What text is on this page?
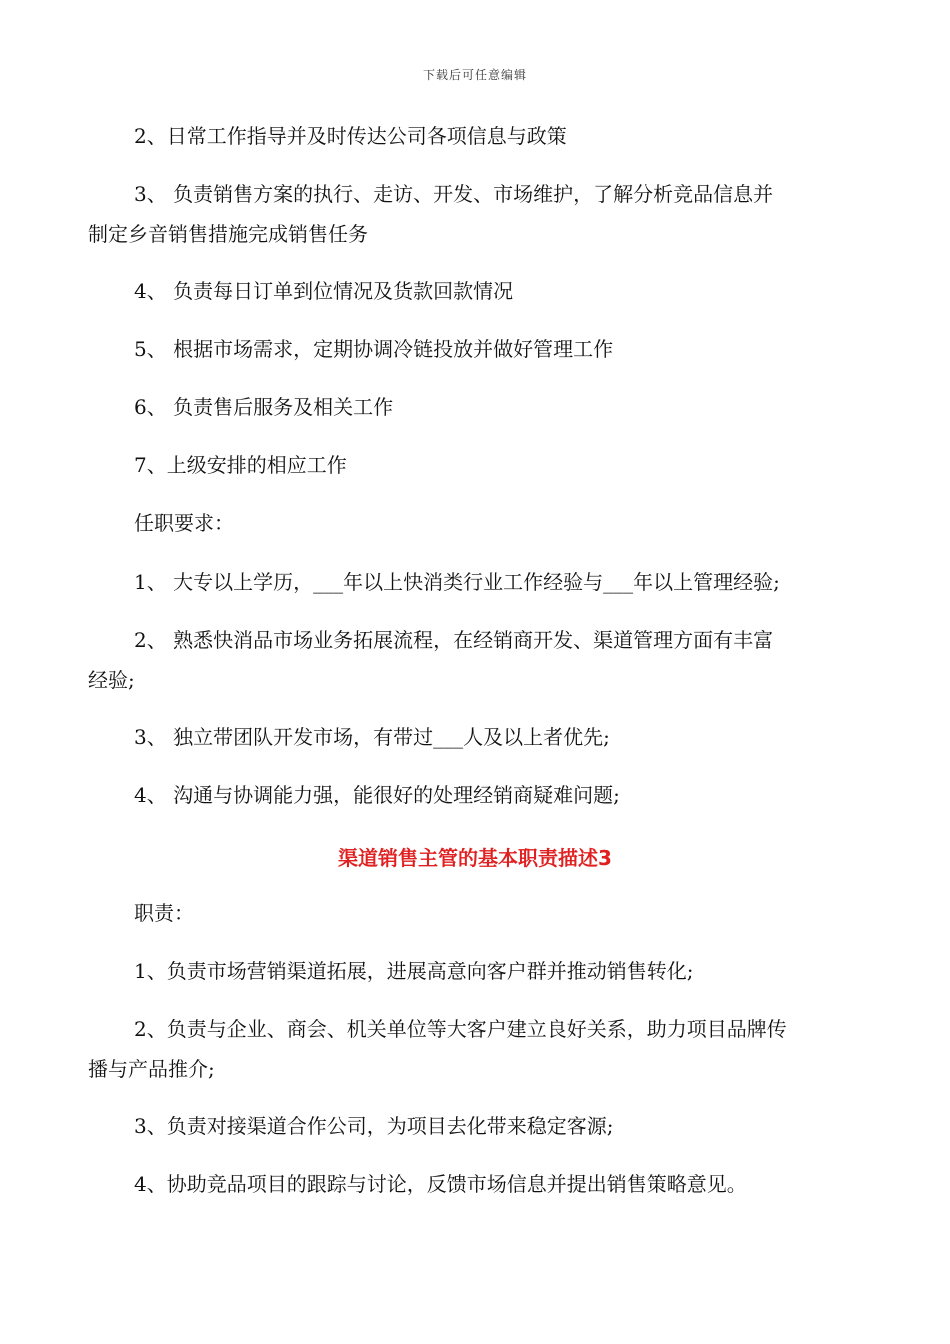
下载后可任意编辑
2、日常工作指导并及时传达公司各项信息与政策
3、 负责销售方案的执行、走访、开发、市场维护，了解分析竞品信息并
制定乡音销售措施完成销售任务
4、 负责每日订单到位情况及货款回款情况
5、 根据市场需求，定期协调冷链投放并做好管理工作
6、 负责售后服务及相关工作
7、上级安排的相应工作
任职要求：
1、 大专以上学历，___年以上快消类行业工作经验与___年以上管理经验;
2、 熟悉快消品市场业务拓展流程，在经销商开发、渠道管理方面有丰富
经验;
3、 独立带团队开发市场，有带过___人及以上者优先;
4、 沟通与协调能力强，能很好的处理经销商疑难问题;
渠道销售主管的基本职责描述3
职责：
1、负责市场营销渠道拓展，进展高意向客户群并推动销售转化;
2、负责与企业、商会、机关单位等大客户建立良好关系，助力项目品牌传
播与产品推介;
3、负责对接渠道合作公司，为项目去化带来稳定客源;
4、协助竞品项目的跟踪与讨论，反馈市场信息并提出销售策略意见。
